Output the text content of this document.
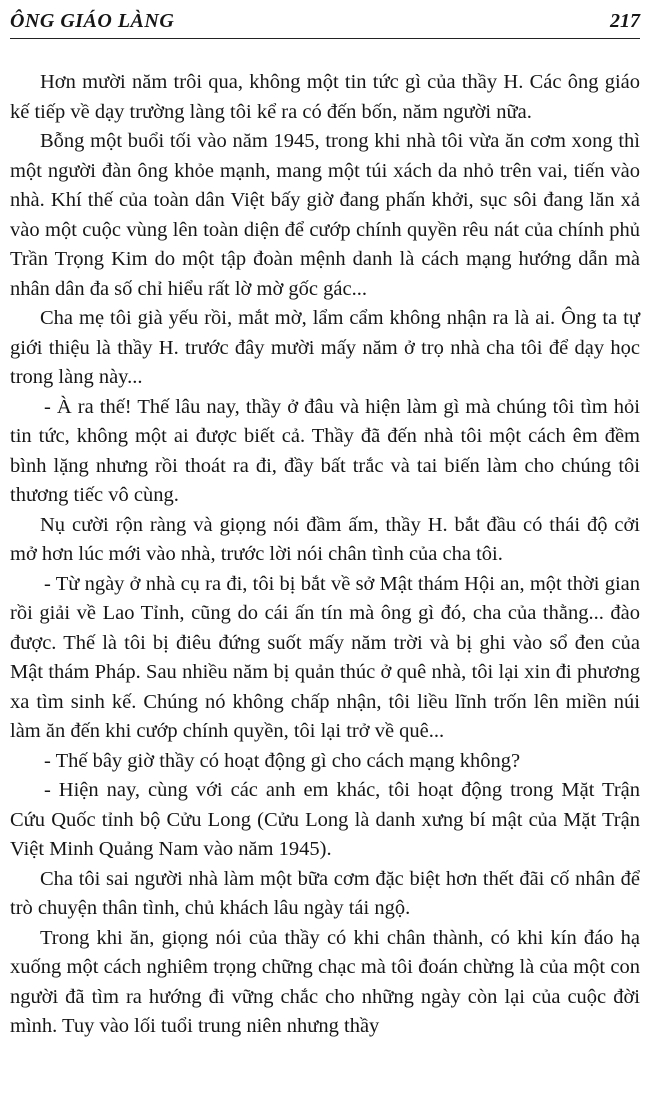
ÔNG GIÁO LÀNG	217

Hơn mười năm trôi qua, không một tin tức gì của thầy H. Các ông giáo kế tiếp về dạy trường làng tôi kể ra có đến bốn, năm người nữa.

Bỗng một buổi tối vào năm 1945, trong khi nhà tôi vừa ăn cơm xong thì một người đàn ông khỏe mạnh, mang một túi xách da nhỏ trên vai, tiến vào nhà. Khí thế của toàn dân Việt bấy giờ đang phấn khởi, sục sôi đang lăn xả vào một cuộc vùng lên toàn diện để cướp chính quyền rêu nát của chính phủ Trần Trọng Kim do một tập đoàn mệnh danh là cách mạng hướng dẫn mà nhân dân đa số chỉ hiểu rất lờ mờ gốc gác...

Cha mẹ tôi già yếu rồi, mắt mờ, lẩm cẩm không nhận ra là ai. Ông ta tự giới thiệu là thầy H. trước đây mười mấy năm ở trọ nhà cha tôi để dạy học trong làng này...

- À ra thế! Thế lâu nay, thầy ở đâu và hiện làm gì mà chúng tôi tìm hỏi tin tức, không một ai được biết cả. Thầy đã đến nhà tôi một cách êm đềm bình lặng nhưng rồi thoát ra đi, đầy bất trắc và tai biến làm cho chúng tôi thương tiếc vô cùng.

Nụ cười rộn ràng và giọng nói đầm ấm, thầy H. bắt đầu có thái độ cởi mở hơn lúc mới vào nhà, trước lời nói chân tình của cha tôi.

- Từ ngày ở nhà cụ ra đi, tôi bị bắt về sở Mật thám Hội an, một thời gian rồi giải về Lao Tỉnh, cũng do cái ấn tín mà ông gì đó, cha của thằng... đào được. Thế là tôi bị điêu đứng suốt mấy năm trời và bị ghi vào sổ đen của Mật thám Pháp. Sau nhiều năm bị quản thúc ở quê nhà, tôi lại xin đi phương xa tìm sinh kế. Chúng nó không chấp nhận, tôi liều lĩnh trốn lên miền núi làm ăn đến khi cướp chính quyền, tôi lại trở về quê...

- Thế bây giờ thầy có hoạt động gì cho cách mạng không?

- Hiện nay, cùng với các anh em khác, tôi hoạt động trong Mặt Trận Cứu Quốc tỉnh bộ Cửu Long (Cửu Long là danh xưng bí mật của Mặt Trận Việt Minh Quảng Nam vào năm 1945).

Cha tôi sai người nhà làm một bữa cơm đặc biệt hơn thết đãi cố nhân để trò chuyện thân tình, chủ khách lâu ngày tái ngộ.

Trong khi ăn, giọng nói của thầy có khi chân thành, có khi kín đáo hạ xuống một cách nghiêm trọng chững chạc mà tôi đoán chừng là của một con người đã tìm ra hướng đi vững chắc cho những ngày còn lại của cuộc đời mình. Tuy vào lối tuổi trung niên nhưng thầy
